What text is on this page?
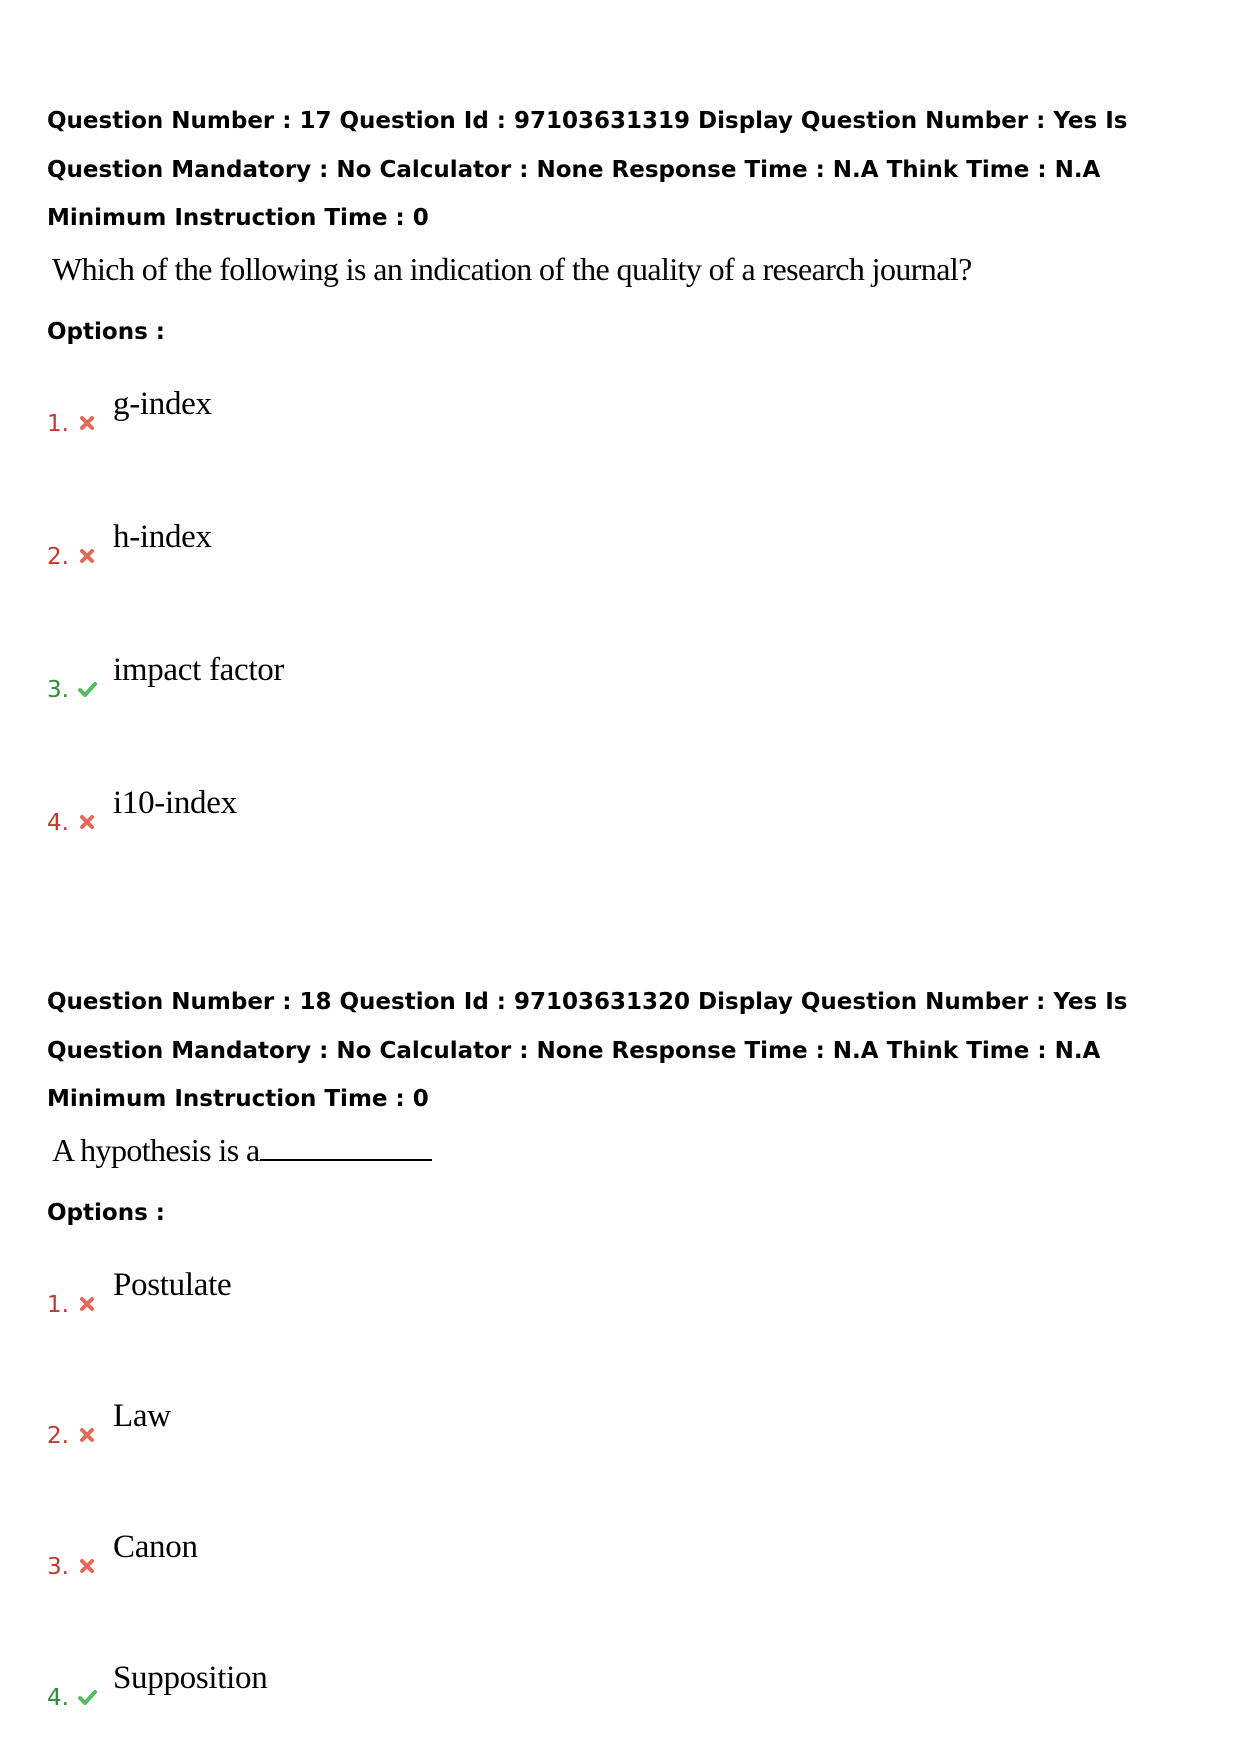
Question Number : 17 Question Id : 97103631319 Display Question Number : Yes Is Question Mandatory : No Calculator : None Response Time : N.A Think Time : N.A Minimum Instruction Time : 0

Which of the following is an indication of the quality of a research journal?

Options :

1.
g-index
2.
h-index
3.
impact factor
4.
i10-index

Question Number : 18 Question Id : 97103631320 Display Question Number : Yes Is Question Mandatory : No Calculator : None Response Time : N.A Think Time : N.A Minimum Instruction Time : 0

A hypothesis is a

Options :

1.
Postulate
2.
Law
3.
Canon
4.
Supposition
